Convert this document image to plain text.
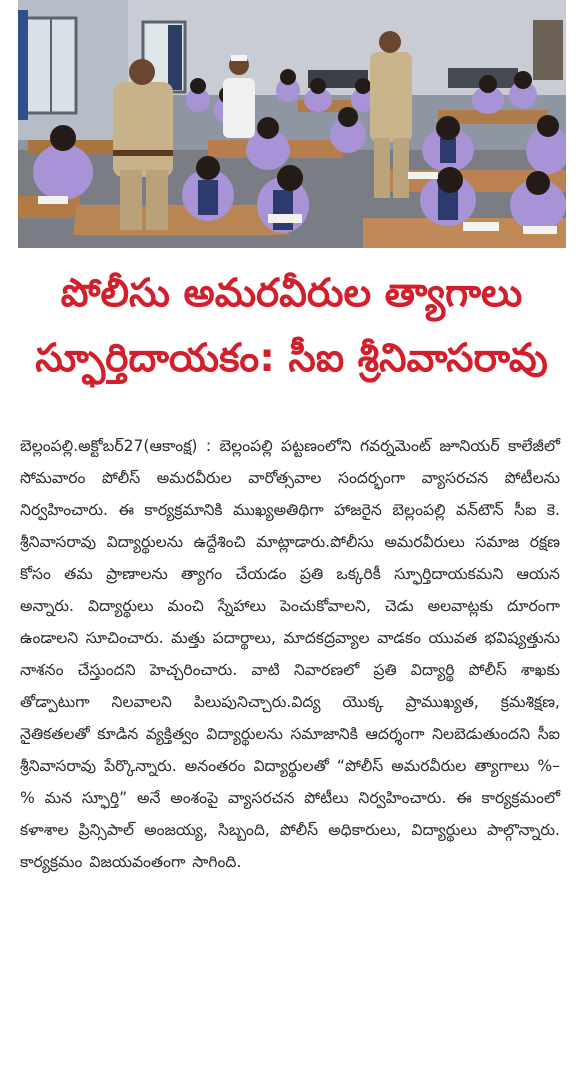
పోలీసు అమరవీరుల త్యాగాలు
స్ఫూర్తిదాయకం: సీఐ శ్రీనివాసరావు

బెల్లంపల్లి.అక్టోబర్27(ఆకాంక్ష) : బెల్లంపల్లి పట్టణంలోని గవర్నమెంట్ జూనియర్ కాలేజీలో సోమవారం పోలీస్ అమరవీరుల వారోత్సవాల సందర్భంగా వ్యాసరచన పోటీలను నిర్వహించారు. ఈ కార్యక్రమానికి ముఖ్యఅతిథిగా హాజరైన బెల్లంపల్లి వన్‌టౌన్ సీఐ కె. శ్రీనివాసరావు విద్యార్థులను ఉద్దేశించి మాట్లాడారు.పోలీసు అమరవీరులు సమాజ రక్షణ కోసం తమ ప్రాణాలను త్యాగం చేయడం ప్రతి ఒక్కరికీ స్ఫూర్తిదాయకమని ఆయన అన్నారు. విద్యార్థులు మంచి స్నేహాలు పెంచుకోవాలని, చెడు అలవాట్లకు దూరంగా ఉండాలని సూచించారు. మత్తు పదార్థాలు, మాదకద్రవ్యాల వాడకం యువత భవిష్యత్తును నాశనం చేస్తుందని హెచ్చరించారు. వాటి నివారణలో ప్రతి విద్యార్థి పోలీస్ శాఖకు తోడ్పాటుగా నిలవాలని పిలుపునిచ్చారు.విద్య యొక్క ప్రాముఖ్యత, క్రమశిక్షణ, నైతికతలతో కూడిన వ్యక్తిత్వం విద్యార్థులను సమాజానికి ఆదర్శంగా నిలబెడుతుందని సీఐ శ్రీనివాసరావు పేర్కొన్నారు. అనంతరం విద్యార్థులతో “పోలీస్ అమరవీరుల త్యాగాలు %–% మన స్ఫూర్తి” అనే అంశంపై వ్యాసరచన పోటీలు నిర్వహించారు. ఈ కార్యక్రమంలో కళాశాల ప్రిన్సిపాల్ అంజయ్య, సిబ్బంది, పోలీస్ అధికారులు, విద్యార్థులు పాల్గొన్నారు. కార్యక్రమం విజయవంతంగా సాగింది.
